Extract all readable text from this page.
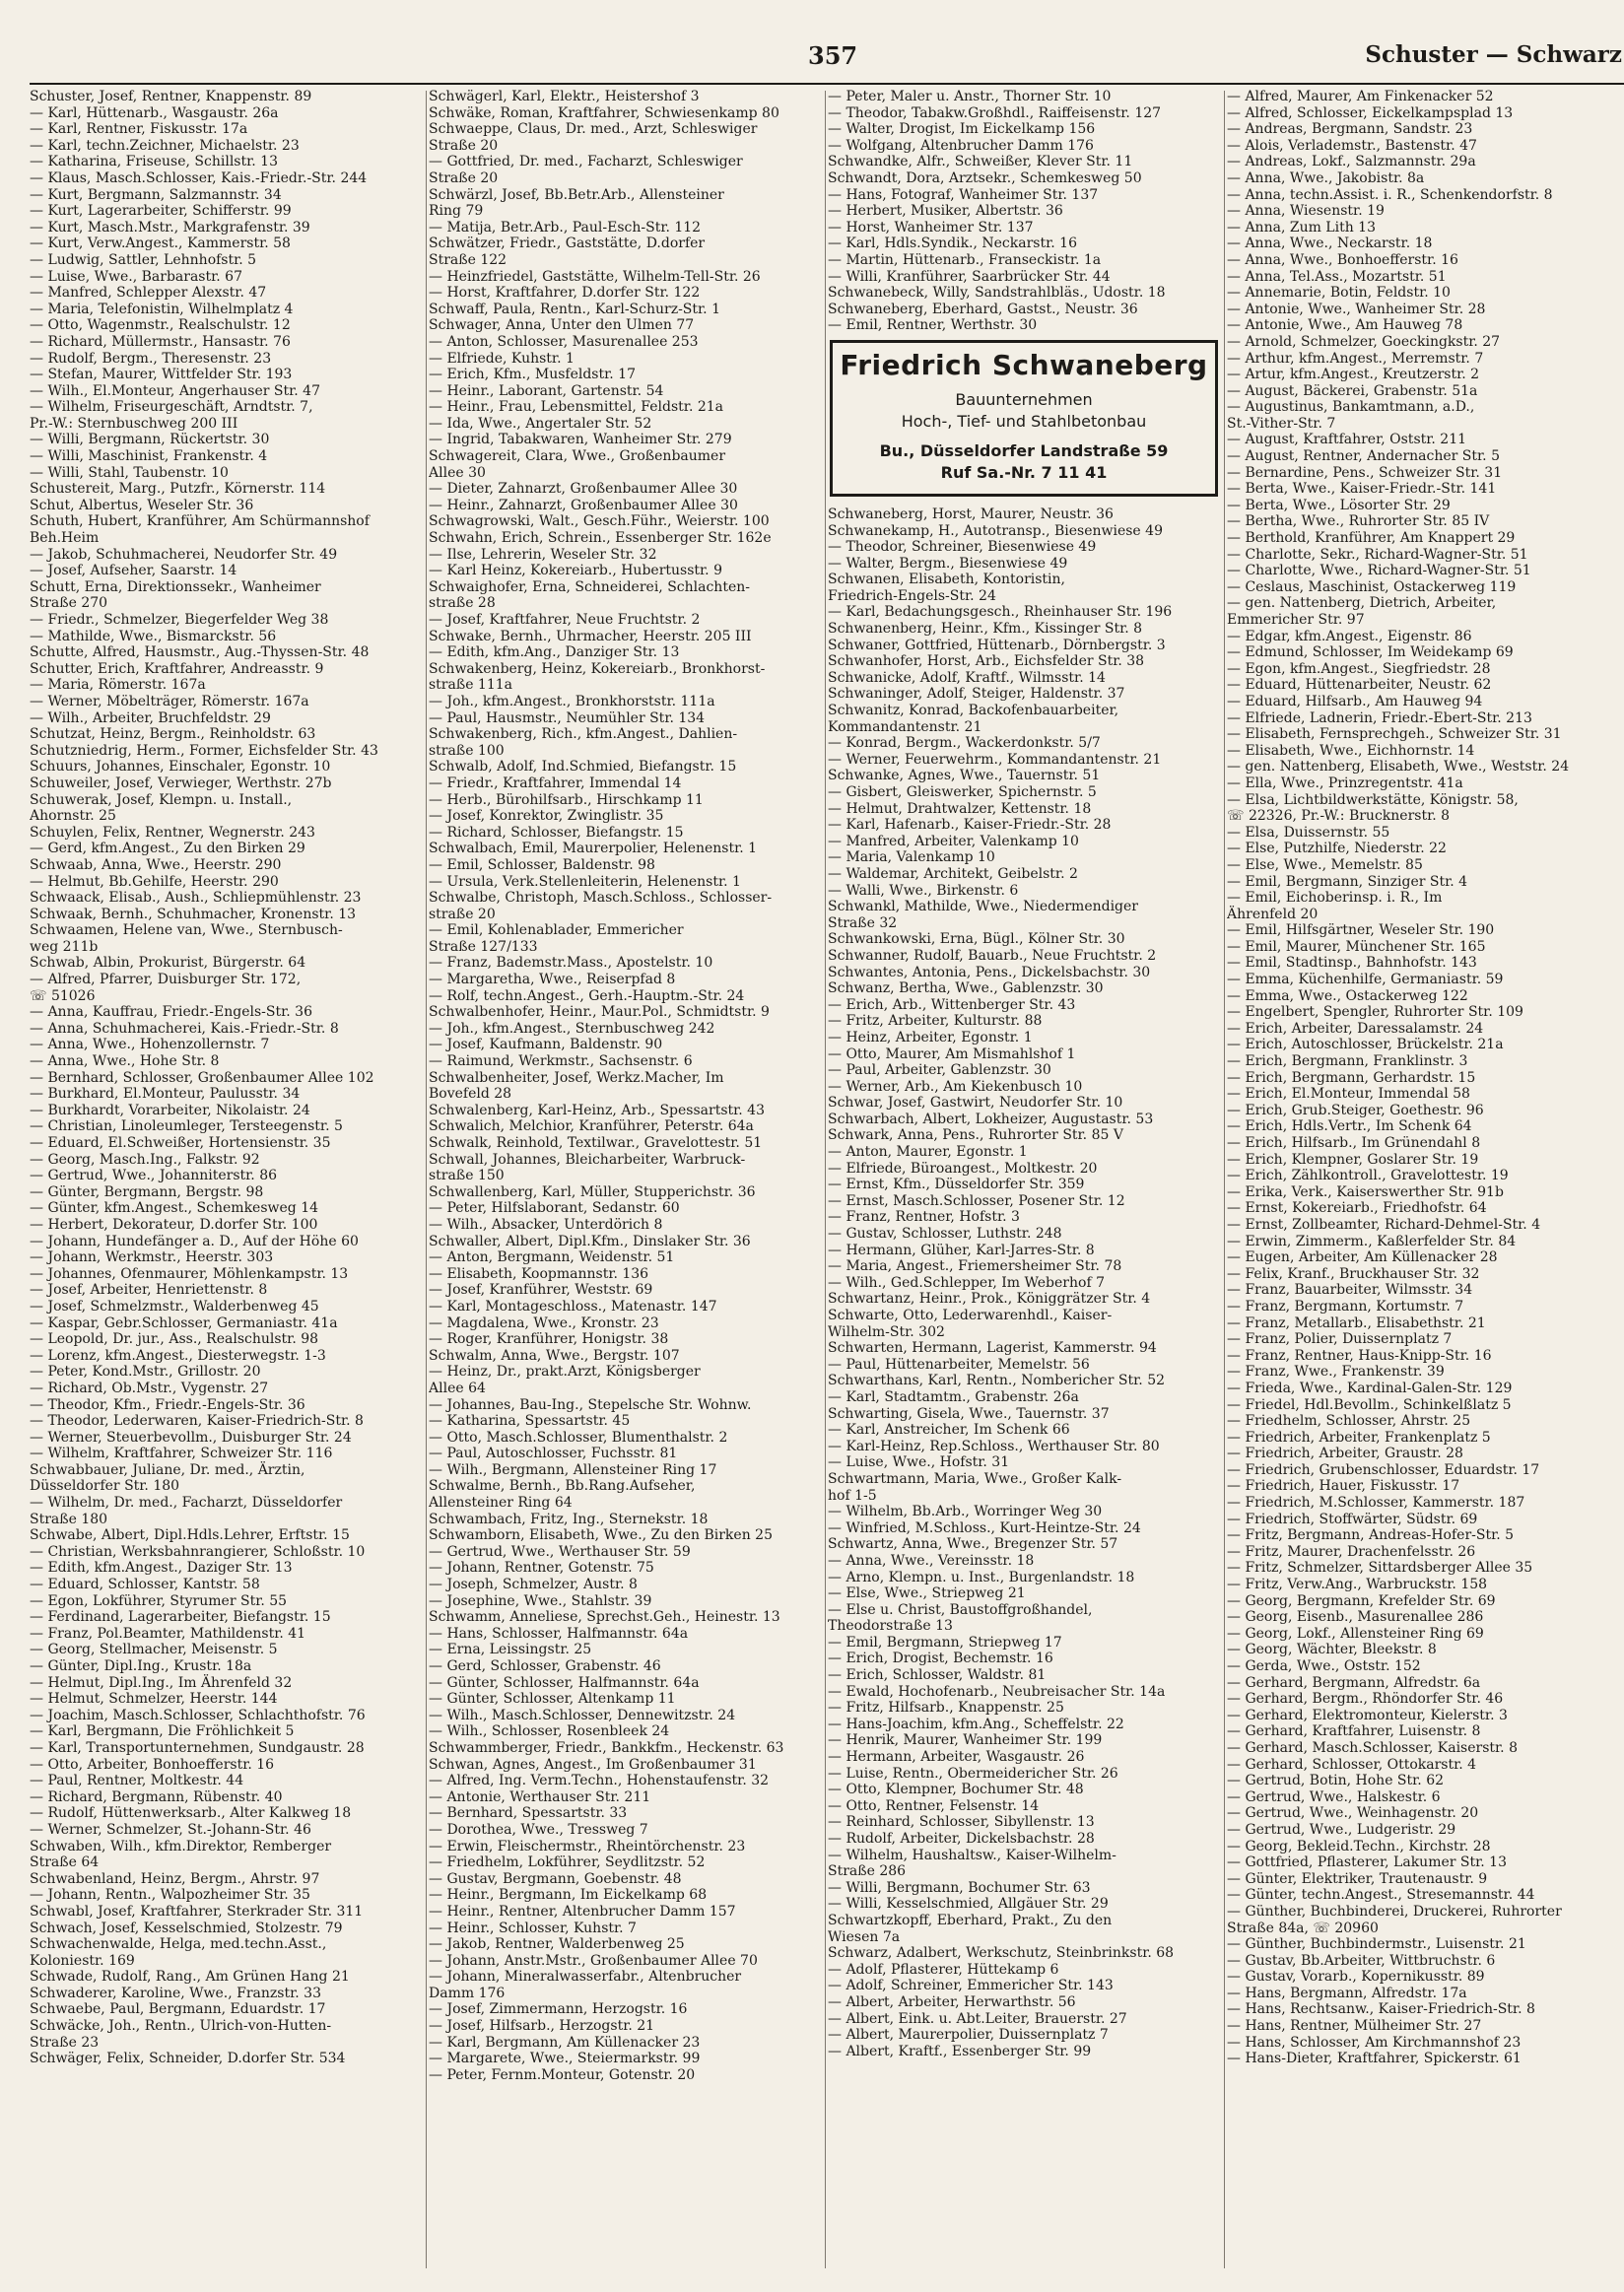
357	Schuster — Schwarz
Schuster, Josef, Rentner, Knappenstr. 89
— Karl, Hüttenarb., Wasgaustr. 26a
— Karl, Rentner, Fiskusstr. 17a
— Karl, techn.Zeichner, Michaelstr. 23
— Katharina, Friseuse, Schillstr. 13
— Klaus, Masch.Schlosser, Kais.-Friedr.-Str. 244
— Kurt, Bergmann, Salzmannstr. 34
— Kurt, Lagerarbeiter, Schifferstr. 99
— Kurt, Masch.Mstr., Markgrafenstr. 39
— Kurt, Verw.Angest., Kammerstr. 58
— Ludwig, Sattler, Lehnhofstr. 5
— Luise, Wwe., Barbarastr. 67
— Manfred, Schlepper Alexstr. 47
— Maria, Telefonistin, Wilhelmplatz 4
— Otto, Wagenmstr., Realschulstr. 12
— Richard, Müllermstr., Hansastr. 76
— Rudolf, Bergm., Theresenstr. 23
— Stefan, Maurer, Wittfelder Str. 193
— Wilh., El.Monteur, Angerhauser Str. 47
— Wilhelm, Friseurgeschäft, Arndtstr. 7,
Pr.-W.: Sternbuschweg 200 III
— Willi, Bergmann, Rückertstr. 30
— Willi, Maschinist, Frankenstr. 4
— Willi, Stahl, Taubenstr. 10
Schustereit, Marg., Putzfr., Körnerstr. 114
Schut, Albertus, Weseler Str. 36
Schuth, Hubert, Kranführer, Am Schürmannshof
Beh.Heim
— Jakob, Schuhmacherei, Neudorfer Str. 49
— Josef, Aufseher, Saarstr. 14
Schutt, Erna, Direktionssekr., Wanheimer
Straße 270
— Friedr., Schmelzer, Biegerfelder Weg 38
— Mathilde, Wwe., Bismarckstr. 56
Schutte, Alfred, Hausmstr., Aug.-Thyssen-Str. 48
Schutter, Erich, Kraftfahrer, Andreasstr. 9
— Maria, Römerstr. 167a
— Werner, Möbelträger, Römerstr. 167a
— Wilh., Arbeiter, Bruchfeldstr. 29
Schutzat, Heinz, Bergm., Reinholdstr. 63
Schutzniedrig, Herm., Former, Eichsfelder Str. 43
Schuurs, Johannes, Einschaler, Egonstr. 10
Schuweiler, Josef, Verwieger, Werthstr. 27b
Schuwerak, Josef, Klempn. u. Install.,
Ahornstr. 25
Schuylen, Felix, Rentner, Wegnerstr. 243
— Gerd, kfm.Angest., Zu den Birken 29
Schwaab, Anna, Wwe., Heerstr. 290
— Helmut, Bb.Gehilfe, Heerstr. 290
Schwaack, Elisab., Aush., Schliepmühlenstr. 23
Schwaak, Bernh., Schuhmacher, Kronenstr. 13
Schwaamen, Helene van, Wwe., Sternbusch-
weg 211b
Schwab, Albin, Prokurist, Bürgerstr. 64
— Alfred, Pfarrer, Duisburger Str. 172,
☏ 51026
— Anna, Kauffrau, Friedr.-Engels-Str. 36
— Anna, Schuhmacherei, Kais.-Friedr.-Str. 8
— Anna, Wwe., Hohenzollernstr. 7
— Anna, Wwe., Hohe Str. 8
— Bernhard, Schlosser, Großenbaumer Allee 102
— Burkhard, El.Monteur, Paulusstr. 34
— Burkhardt, Vorarbeiter, Nikolaistr. 24
— Christian, Linoleumleger, Tersteegenstr. 5
— Eduard, El.Schweißer, Hortensienstr. 35
— Georg, Masch.Ing., Falkstr. 92
— Gertrud, Wwe., Johanniterstr. 86
— Günter, Bergmann, Bergstr. 98
— Günter, kfm.Angest., Schemkesweg 14
— Herbert, Dekorateur, D.dorfer Str. 100
— Johann, Hundefänger a. D., Auf der Höhe 60
— Johann, Werkmstr., Heerstr. 303
— Johannes, Ofenmaurer, Möhlenkampstr. 13
— Josef, Arbeiter, Henriettenstr. 8
— Josef, Schmelzmstr., Walderbenweg 45
— Kaspar, Gebr.Schlosser, Germaniastr. 41a
— Leopold, Dr. jur., Ass., Realschulstr. 98
— Lorenz, kfm.Angest., Diesterwegstr. 1-3
— Peter, Kond.Mstr., Grillostr. 20
— Richard, Ob.Mstr., Vygenstr. 27
— Theodor, Kfm., Friedr.-Engels-Str. 36
— Theodor, Lederwaren, Kaiser-Friedrich-Str. 8
— Werner, Steuerbevollm., Duisburger Str. 24
— Wilhelm, Kraftfahrer, Schweizer Str. 116
Schwabbauer, Juliane, Dr. med., Ärztin,
Düsseldorfer Str. 180
— Wilhelm, Dr. med., Facharzt, Düsseldorfer
Straße 180
Schwabe, Albert, Dipl.Hdls.Lehrer, Erftstr. 15
— Christian, Werksbahnrangierer, Schloßstr. 10
— Edith, kfm.Angest., Daziger Str. 13
— Eduard, Schlosser, Kantstr. 58
— Egon, Lokführer, Styrumer Str. 55
— Ferdinand, Lagerarbeiter, Biefangstr. 15
— Franz, Pol.Beamter, Mathildenstr. 41
— Georg, Stellmacher, Meisenstr. 5
— Günter, Dipl.Ing., Krustr. 18a
— Helmut, Dipl.Ing., Im Ährenfeld 32
— Helmut, Schmelzer, Heerstr. 144
— Joachim, Masch.Schlosser, Schlachthofstr. 76
— Karl, Bergmann, Die Fröhlichkeit 5
— Karl, Transportunternehmen, Sundgaustr. 28
— Otto, Arbeiter, Bonhoefferstr. 16
— Paul, Rentner, Moltkestr. 44
— Richard, Bergmann, Rübenstr. 40
— Rudolf, Hüttenwerksarb., Alter Kalkweg 18
— Werner, Schmelzer, St.-Johann-Str. 46
Schwaben, Wilh., kfm.Direktor, Remberger
Straße 64
Schwabenland, Heinz, Bergm., Ahrstr. 97
— Johann, Rentn., Walpozheimer Str. 35
Schwabl, Josef, Kraftfahrer, Sterkrader Str. 311
Schwach, Josef, Kesselschmied, Stolzestr. 79
Schwachenwalde, Helga, med.techn.Asst.,
Koloniestr. 169
Schwade, Rudolf, Rang., Am Grünen Hang 21
Schwaderer, Karoline, Wwe., Franzstr. 33
Schwaebe, Paul, Bergmann, Eduardstr. 17
Schwäcke, Joh., Rentn., Ulrich-von-Hutten-
Straße 23
Schwäger, Felix, Schneider, D.dorfer Str. 534
Schwägerl, Karl, Elektr., Heistershof 3
Schwäke, Roman, Kraftfahrer, Schwiesenkamp 80
Schwaeppe, Claus, Dr. med., Arzt, Schleswiger
Straße 20
— Gottfried, Dr. med., Facharzt, Schleswiger
Straße 20
Schwärzl, Josef, Bb.Betr.Arb., Allensteiner
Ring 79
— Matija, Betr.Arb., Paul-Esch-Str. 112
Schwätzer, Friedr., Gaststätte, D.dorfer
Straße 122
— Heinzfriedel, Gaststätte, Wilhelm-Tell-Str. 26
— Horst, Kraftfahrer, D.dorfer Str. 122
Schwaff, Paula, Rentn., Karl-Schurz-Str. 1
Schwager, Anna, Unter den Ulmen 77
— Anton, Schlosser, Masurenallee 253
— Elfriede, Kuhstr. 1
— Erich, Kfm., Musfeldstr. 17
— Heinr., Laborant, Gartenstr. 54
— Heinr., Frau, Lebensmittel, Feldstr. 21a
— Ida, Wwe., Angertaler Str. 52
— Ingrid, Tabakwaren, Wanheimer Str. 279
Schwagereit, Clara, Wwe., Großenbaumer
Allee 30
— Dieter, Zahnarzt, Großenbaumer Allee 30
— Heinr., Zahnarzt, Großenbaumer Allee 30
Schwagrowski, Walt., Gesch.Führ., Weierstr. 100
Schwahn, Erich, Schrein., Essenberger Str. 162e
— Ilse, Lehrerin, Weseler Str. 32
— Karl Heinz, Kokereiarb., Hubertusstr. 9
Schwaighofer, Erna, Schneiderei, Schlachten-
straße 28
— Josef, Kraftfahrer, Neue Fruchtstr. 2
Schwake, Bernh., Uhrmacher, Heerstr. 205 III
— Edith, kfm.Ang., Danziger Str. 13
Schwakenberg, Heinz, Kokereiarb., Bronkhorst-
straße 111a
— Joh., kfm.Angest., Bronkhorststr. 111a
— Paul, Hausmstr., Neumühler Str. 134
Schwakenberg, Rich., kfm.Angest., Dahlien-
straße 100
Schwalb, Adolf, Ind.Schmied, Biefangstr. 15
— Friedr., Kraftfahrer, Immendal 14
— Herb., Bürohilfsarb., Hirschkamp 11
— Josef, Konrektor, Zwinglistr. 35
— Richard, Schlosser, Biefangstr. 15
Schwalbach, Emil, Maurerpolier, Helenenstr. 1
— Emil, Schlosser, Baldenstr. 98
— Ursula, Verk.Stellenleiterin, Helenenstr. 1
Schwalbe, Christoph, Masch.Schloss., Schlosser-
straße 20
— Emil, Kohlenablader, Emmericher
Straße 127/133
— Franz, Bademstr.Mass., Apostelstr. 10
— Margaretha, Wwe., Reiserpfad 8
— Rolf, techn.Angest., Gerh.-Hauptm.-Str. 24
Schwalbenhofer, Heinr., Maur.Pol., Schmidtstr. 9
— Joh., kfm.Angest., Sternbuschweg 242
— Josef, Kaufmann, Baldenstr. 90
— Raimund, Werkmstr., Sachsenstr. 6
Schwalbenheiter, Josef, Werkz.Macher, Im
Bovefeld 28
Schwalenberg, Karl-Heinz, Arb., Spessartstr. 43
Schwalich, Melchior, Kranführer, Peterstr. 64a
Schwalk, Reinhold, Textilwar., Gravelottestr. 51
Schwall, Johannes, Bleicharbeiter, Warbruck-
straße 150
Schwallenberg, Karl, Müller, Stupperichstr. 36
— Peter, Hilfslaborant, Sedanstr. 60
— Wilh., Absacker, Unterdörich 8
Schwaller, Albert, Dipl.Kfm., Dinslaker Str. 36
— Anton, Bergmann, Weidenstr. 51
— Elisabeth, Koopmannstr. 136
— Josef, Kranführer, Weststr. 69
— Karl, Montageschloss., Matenastr. 147
— Magdalena, Wwe., Kronstr. 23
— Roger, Kranführer, Honigstr. 38
Schwalm, Anna, Wwe., Bergstr. 107
— Heinz, Dr., prakt.Arzt, Königsberger
Allee 64
— Johannes, Bau-Ing., Stepelsche Str. Wohnw.
— Katharina, Spessartstr. 45
— Otto, Masch.Schlosser, Blumenthalstr. 2
— Paul, Autoschlosser, Fuchsstr. 81
— Wilh., Bergmann, Allensteiner Ring 17
Schwalme, Bernh., Bb.Rang.Aufseher,
Allensteiner Ring 64
Schwambach, Fritz, Ing., Sternekstr. 18
Schwamborn, Elisabeth, Wwe., Zu den Birken 25
— Gertrud, Wwe., Werthauser Str. 59
— Johann, Rentner, Gotenstr. 75
— Joseph, Schmelzer, Austr. 8
— Josephine, Wwe., Stahlstr. 39
Schwamm, Anneliese, Sprechst.Geh., Heinestr. 13
— Hans, Schlosser, Halfmannstr. 64a
— Erna, Leissingstr. 25
— Gerd, Schlosser, Grabenstr. 46
— Günter, Schlosser, Halfmannstr. 64a
— Günter, Schlosser, Altenkamp 11
— Wilh., Masch.Schlosser, Dennewitzstr. 24
— Wilh., Schlosser, Rosenbleek 24
Schwammberger, Friedr., Bankkfm., Heckenstr. 63
Schwan, Agnes, Angest., Im Großenbaumer 31
— Alfred, Ing. Verm.Techn., Hohenstaufenstr. 32
— Antonie, Werthauser Str. 211
— Bernhard, Spessartstr. 33
— Dorothea, Wwe., Tressweg 7
— Erwin, Fleischermstr., Rheintörchenstr. 23
— Friedhelm, Lokführer, Seydlitzstr. 52
— Gustav, Bergmann, Goebenstr. 48
— Heinr., Bergmann, Im Eickelkamp 68
— Heinr., Rentner, Altenbrucher Damm 157
— Heinr., Schlosser, Kuhstr. 7
— Jakob, Rentner, Walderbenweg 25
— Johann, Anstr.Mstr., Großenbaumer Allee 70
— Johann, Mineralwasserfabr., Altenbrucher
Damm 176
— Josef, Zimmermann, Herzogstr. 16
— Josef, Hilfsarb., Herzogstr. 21
— Karl, Bergmann, Am Küllenacker 23
— Margarete, Wwe., Steiermarkstr. 99
— Peter, Fernm.Monteur, Gotenstr. 20
— Peter, Maler u. Anstr., Thorner Str. 10
— Theodor, Tabakw.Großhdl., Raiffeisenstr. 127
— Walter, Drogist, Im Eickelkamp 156
— Wolfgang, Altenbrucher Damm 176
Schwandke, Alfr., Schweißer, Klever Str. 11
Schwandt, Dora, Arztsekr., Schemkesweg 50
— Hans, Fotograf, Wanheimer Str. 137
— Herbert, Musiker, Albertstr. 36
— Horst, Wanheimer Str. 137
— Karl, Hdls.Syndik., Neckarstr. 16
— Martin, Hüttenarb., Franseckistr. 1a
— Willi, Kranführer, Saarbrücker Str. 44
Schwanebeck, Willy, Sandstrahlbläs., Udostr. 18
Schwaneberg, Eberhard, Gastst., Neustr. 36
— Emil, Rentner, Werthstr. 30
Friedrich Schwaneberg
Bauunternehmen
Hoch-, Tief- und Stahlbetonbau
Bu., Düsseldorfer Landstraße 59
Ruf Sa.-Nr. 7 11 41
Schwaneberg, Horst, Maurer, Neustr. 36
Schwanekamp, H., Autotransp., Biesenwiese 49
— Theodor, Schreiner, Biesenwiese 49
— Walter, Bergm., Biesenwiese 49
Schwanen, Elisabeth, Kontoristin,
Friedrich-Engels-Str. 24
— Karl, Bedachungsgesch., Rheinhauser Str. 196
Schwanenberg, Heinr., Kfm., Kissinger Str. 8
Schwaner, Gottfried, Hüttenarb., Dörnbergstr. 3
Schwanhofer, Horst, Arb., Eichsfelder Str. 38
Schwanicke, Adolf, Kraftf., Wilmsstr. 14
Schwaninger, Adolf, Steiger, Haldenstr. 37
Schwanitz, Konrad, Backofenbauarbeiter,
Kommandantenstr. 21
— Konrad, Bergm., Wackerdonkstr. 5/7
— Werner, Feuerwehrm., Kommandantenstr. 21
Schwanke, Agnes, Wwe., Tauernstr. 51
— Gisbert, Gleiswerker, Spichernstr. 5
— Helmut, Drahtwalzer, Kettenstr. 18
— Karl, Hafenarb., Kaiser-Friedr.-Str. 28
— Manfred, Arbeiter, Valenkamp 10
— Maria, Valenkamp 10
— Waldemar, Architekt, Geibelstr. 2
— Walli, Wwe., Birkenstr. 6
Schwankl, Mathilde, Wwe., Niedermendiger
Straße 32
Schwankowski, Erna, Bügl., Kölner Str. 30
Schwanner, Rudolf, Bauarb., Neue Fruchtstr. 2
Schwantes, Antonia, Pens., Dickelsbachstr. 30
Schwanz, Bertha, Wwe., Gablenzstr. 30
— Erich, Arb., Wittenberger Str. 43
— Fritz, Arbeiter, Kulturstr. 88
— Heinz, Arbeiter, Egonstr. 1
— Otto, Maurer, Am Mismahlshof 1
— Paul, Arbeiter, Gablenzstr. 30
— Werner, Arb., Am Kiekenbusch 10
Schwar, Josef, Gastwirt, Neudorfer Str. 10
Schwarbach, Albert, Lokheizer, Augustastr. 53
Schwark, Anna, Pens., Ruhrorter Str. 85 V
— Anton, Maurer, Egonstr. 1
— Elfriede, Büroangest., Moltkestr. 20
— Ernst, Kfm., Düsseldorfer Str. 359
— Ernst, Masch.Schlosser, Posener Str. 12
— Franz, Rentner, Hofstr. 3
— Gustav, Schlosser, Luthstr. 248
— Hermann, Glüher, Karl-Jarres-Str. 8
— Maria, Angest., Friemersheimer Str. 78
— Wilh., Ged.Schlepper, Im Weberhof 7
Schwartanz, Heinr., Prok., Königgrätzer Str. 4
Schwarte, Otto, Lederwarenhdl., Kaiser-
Wilhelm-Str. 302
Schwarten, Hermann, Lagerist, Kammerstr. 94
— Paul, Hüttenarbeiter, Memelstr. 56
Schwarthans, Karl, Rentn., Nombericher Str. 52
— Karl, Stadtamtm., Grabenstr. 26a
Schwarting, Gisela, Wwe., Tauernstr. 37
— Karl, Anstreicher, Im Schenk 66
— Karl-Heinz, Rep.Schloss., Werthauser Str. 80
— Luise, Wwe., Hofstr. 31
Schwartmann, Maria, Wwe., Großer Kalk-
hof 1-5
— Wilhelm, Bb.Arb., Worringer Weg 30
— Winfried, M.Schloss., Kurt-Heintze-Str. 24
Schwartz, Anna, Wwe., Bregenzer Str. 57
— Anna, Wwe., Vereinsstr. 18
— Arno, Klempn. u. Inst., Burgenlandstr. 18
— Else, Wwe., Striepweg 21
— Else u. Christ, Baustoffgroßhandel,
Theodorstraße 13
— Emil, Bergmann, Striepweg 17
— Erich, Drogist, Bechemstr. 16
— Erich, Schlosser, Waldstr. 81
— Ewald, Hochofenarb., Neubreisacher Str. 14a
— Fritz, Hilfsarb., Knappenstr. 25
— Hans-Joachim, kfm.Ang., Scheffelstr. 22
— Henrik, Maurer, Wanheimer Str. 199
— Hermann, Arbeiter, Wasgaustr. 26
— Luise, Rentn., Obermeidericher Str. 26
— Otto, Klempner, Bochumer Str. 48
— Otto, Rentner, Felsenstr. 14
— Reinhard, Schlosser, Sibyllenstr. 13
— Rudolf, Arbeiter, Dickelsbachstr. 28
— Wilhelm, Haushaltsw., Kaiser-Wilhelm-
Straße 286
— Willi, Bergmann, Bochumer Str. 63
— Willi, Kesselschmied, Allgäuer Str. 29
Schwartzkopff, Eberhard, Prakt., Zu den
Wiesen 7a
Schwarz, Adalbert, Werkschutz, Steinbrinkstr. 68
— Adolf, Pflasterer, Hüttekamp 6
— Adolf, Schreiner, Emmericher Str. 143
— Albert, Arbeiter, Herwarthstr. 56
— Albert, Eink. u. Abt.Leiter, Brauerstr. 27
— Albert, Maurerpolier, Duissernplatz 7
— Albert, Kraftf., Essenberger Str. 99
— Alfred, Maurer, Am Finkenacker 52
— Alfred, Schlosser, Eickelkampsplad 13
— Andreas, Bergmann, Sandstr. 23
— Alois, Verlademstr., Bastenstr. 47
— Andreas, Lokf., Salzmannstr. 29a
— Anna, Wwe., Jakobistr. 8a
— Anna, techn.Assist. i. R., Schenkendorfstr. 8
— Anna, Wiesenstr. 19
— Anna, Zum Lith 13
— Anna, Wwe., Neckarstr. 18
— Anna, Wwe., Bonhoefferstr. 16
— Anna, Tel.Ass., Mozartstr. 51
— Annemarie, Botin, Feldstr. 10
— Antonie, Wwe., Wanheimer Str. 28
— Antonie, Wwe., Am Hauweg 78
— Arnold, Schmelzer, Goeckingkstr. 27
— Arthur, kfm.Angest., Merremstr. 7
— Artur, kfm.Angest., Kreutzerstr. 2
— August, Bäckerei, Grabenstr. 51a
— Augustinus, Bankamtmann, a.D.,
St.-Vither-Str. 7
— August, Kraftfahrer, Oststr. 211
— August, Rentner, Andernacher Str. 5
— Bernardine, Pens., Schweizer Str. 31
— Berta, Wwe., Kaiser-Friedr.-Str. 141
— Berta, Wwe., Lösorter Str. 29
— Bertha, Wwe., Ruhrorter Str. 85 IV
— Berthold, Kranführer, Am Knappert 29
— Charlotte, Sekr., Richard-Wagner-Str. 51
— Charlotte, Wwe., Richard-Wagner-Str. 51
— Ceslaus, Maschinist, Ostackerweg 119
— gen. Nattenberg, Dietrich, Arbeiter,
Emmericher Str. 97
— Edgar, kfm.Angest., Eigenstr. 86
— Edmund, Schlosser, Im Weidekamp 69
— Egon, kfm.Angest., Siegfriedstr. 28
— Eduard, Hüttenarbeiter, Neustr. 62
— Eduard, Hilfsarb., Am Hauweg 94
— Elfriede, Ladnerin, Friedr.-Ebert-Str. 213
— Elisabeth, Fernsprechgeh., Schweizer Str. 31
— Elisabeth, Wwe., Eichhornstr. 14
— gen. Nattenberg, Elisabeth, Wwe., Weststr. 24
— Ella, Wwe., Prinzregentstr. 41a
— Elsa, Lichtbildwerkstätte, Königstr. 58,
☏ 22326, Pr.-W.: Brucknerstr. 8
— Elsa, Duissernstr. 55
— Else, Putzhilfe, Niederstr. 22
— Else, Wwe., Memelstr. 85
— Emil, Bergmann, Sinziger Str. 4
— Emil, Eichoberinsp. i. R., Im
Ährenfeld 20
— Emil, Hilfsgärtner, Weseler Str. 190
— Emil, Maurer, Münchener Str. 165
— Emil, Stadtinsp., Bahnhofstr. 143
— Emma, Küchenhilfe, Germaniastr. 59
— Emma, Wwe., Ostackerweg 122
— Engelbert, Spengler, Ruhrorter Str. 109
— Erich, Arbeiter, Daressalamstr. 24
— Erich, Autoschlosser, Brückelstr. 21a
— Erich, Bergmann, Franklinstr. 3
— Erich, Bergmann, Gerhardstr. 15
— Erich, El.Monteur, Immendal 58
— Erich, Grub.Steiger, Goethestr. 96
— Erich, Hdls.Vertr., Im Schenk 64
— Erich, Hilfsarb., Im Grünendahl 8
— Erich, Klempner, Goslarer Str. 19
— Erich, Zählkontroll., Gravelottestr. 19
— Erika, Verk., Kaiserswerther Str. 91b
— Ernst, Kokereiarb., Friedhofstr. 64
— Ernst, Zollbeamter, Richard-Dehmel-Str. 4
— Erwin, Zimmerm., Kaßlerfelder Str. 84
— Eugen, Arbeiter, Am Küllenacker 28
— Felix, Kranf., Bruckhauser Str. 32
— Franz, Bauarbeiter, Wilmsstr. 34
— Franz, Bergmann, Kortumstr. 7
— Franz, Metallarb., Elisabethstr. 21
— Franz, Polier, Duissernplatz 7
— Franz, Rentner, Haus-Knipp-Str. 16
— Franz, Wwe., Frankenstr. 39
— Frieda, Wwe., Kardinal-Galen-Str. 129
— Friedel, Hdl.Bevollm., Schinkelßlatz 5
— Friedhelm, Schlosser, Ahrstr. 25
— Friedrich, Arbeiter, Frankenplatz 5
— Friedrich, Arbeiter, Graustr. 28
— Friedrich, Grubenschlosser, Eduardstr. 17
— Friedrich, Hauer, Fiskusstr. 17
— Friedrich, M.Schlosser, Kammerstr. 187
— Friedrich, Stoffwärter, Südstr. 69
— Fritz, Bergmann, Andreas-Hofer-Str. 5
— Fritz, Maurer, Drachenfelsstr. 26
— Fritz, Schmelzer, Sittardsberger Allee 35
— Fritz, Verw.Ang., Warbruckstr. 158
— Georg, Bergmann, Krefelder Str. 69
— Georg, Eisenb., Masurenallee 286
— Georg, Lokf., Allensteiner Ring 69
— Georg, Wächter, Bleekstr. 8
— Gerda, Wwe., Oststr. 152
— Gerhard, Bergmann, Alfredstr. 6a
— Gerhard, Bergm., Rhöndorfer Str. 46
— Gerhard, Elektromonteur, Kielerstr. 3
— Gerhard, Kraftfahrer, Luisenstr. 8
— Gerhard, Masch.Schlosser, Kaiserstr. 8
— Gerhard, Schlosser, Ottokarstr. 4
— Gertrud, Botin, Hohe Str. 62
— Gertrud, Wwe., Halskestr. 6
— Gertrud, Wwe., Weinhagenstr. 20
— Gertrud, Wwe., Ludgeristr. 29
— Georg, Bekleid.Techn., Kirchstr. 28
— Gottfried, Pflasterer, Lakumer Str. 13
— Günter, Elektriker, Trautenaustr. 9
— Günter, techn.Angest., Stresemannstr. 44
— Günther, Buchbinderei, Druckerei, Ruhrorter
Straße 84a, ☏ 20960
— Günther, Buchbindermstr., Luisenstr. 21
— Gustav, Bb.Arbeiter, Wittbruchstr. 6
— Gustav, Vorarb., Kopernikusstr. 89
— Hans, Bergmann, Alfredstr. 17a
— Hans, Rechtsanw., Kaiser-Friedrich-Str. 8
— Hans, Rentner, Mülheimer Str. 27
— Hans, Schlosser, Am Kirchmannshof 23
— Hans-Dieter, Kraftfahrer, Spickerstr. 61
